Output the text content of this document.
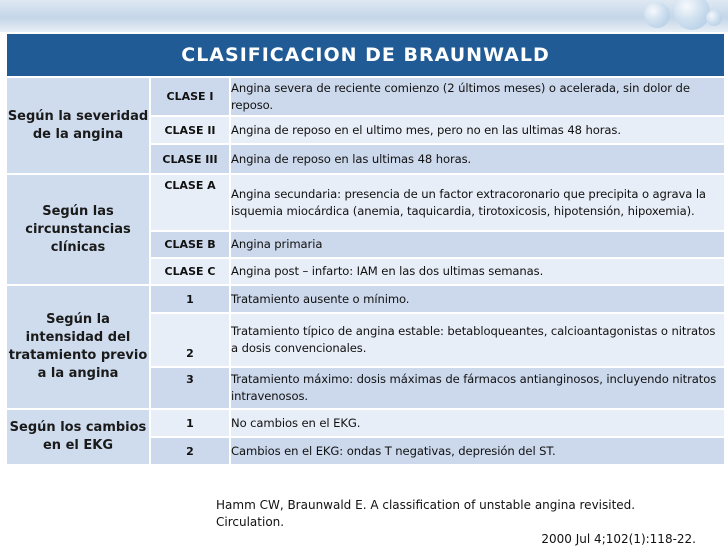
CLASIFICACION DE BRAUNWALD		
Según la severidad de la angina	CLASE I	Angina severa de reciente comienzo (2 últimos meses) o acelerada, sin dolor de reposo.
	CLASE II	Angina de reposo en el ultimo mes, pero no en las ultimas 48 horas.
	CLASE III	Angina de reposo en las ultimas 48 horas.
Según las circunstancias clínicas	CLASE A	Angina secundaria: presencia de un factor extracoronario que precipita o agrava la isquemia miocárdica (anemia, taquicardia, tirotoxicosis, hipotensión, hipoxemia).
	CLASE B	Angina primaria
	CLASE C	Angina post – infarto: IAM en las dos ultimas semanas.
Según la intensidad del tratamiento previo a la angina	1	Tratamiento ausente o mínimo.
	2	Tratamiento típico de angina estable: betabloqueantes, calcioantagonistas o nitratos a dosis convencionales.
	3	Tratamiento máximo: dosis máximas de fármacos antianginosos, incluyendo nitratos intravenosos.
Según los cambios en el EKG	1	No cambios en el EKG.
	2	Cambios en el EKG: ondas T negativas, depresión del ST.
Hamm CW, Braunwald E. A classification of unstable angina revisited. Circulation.
2000 Jul 4;102(1):118-22.
